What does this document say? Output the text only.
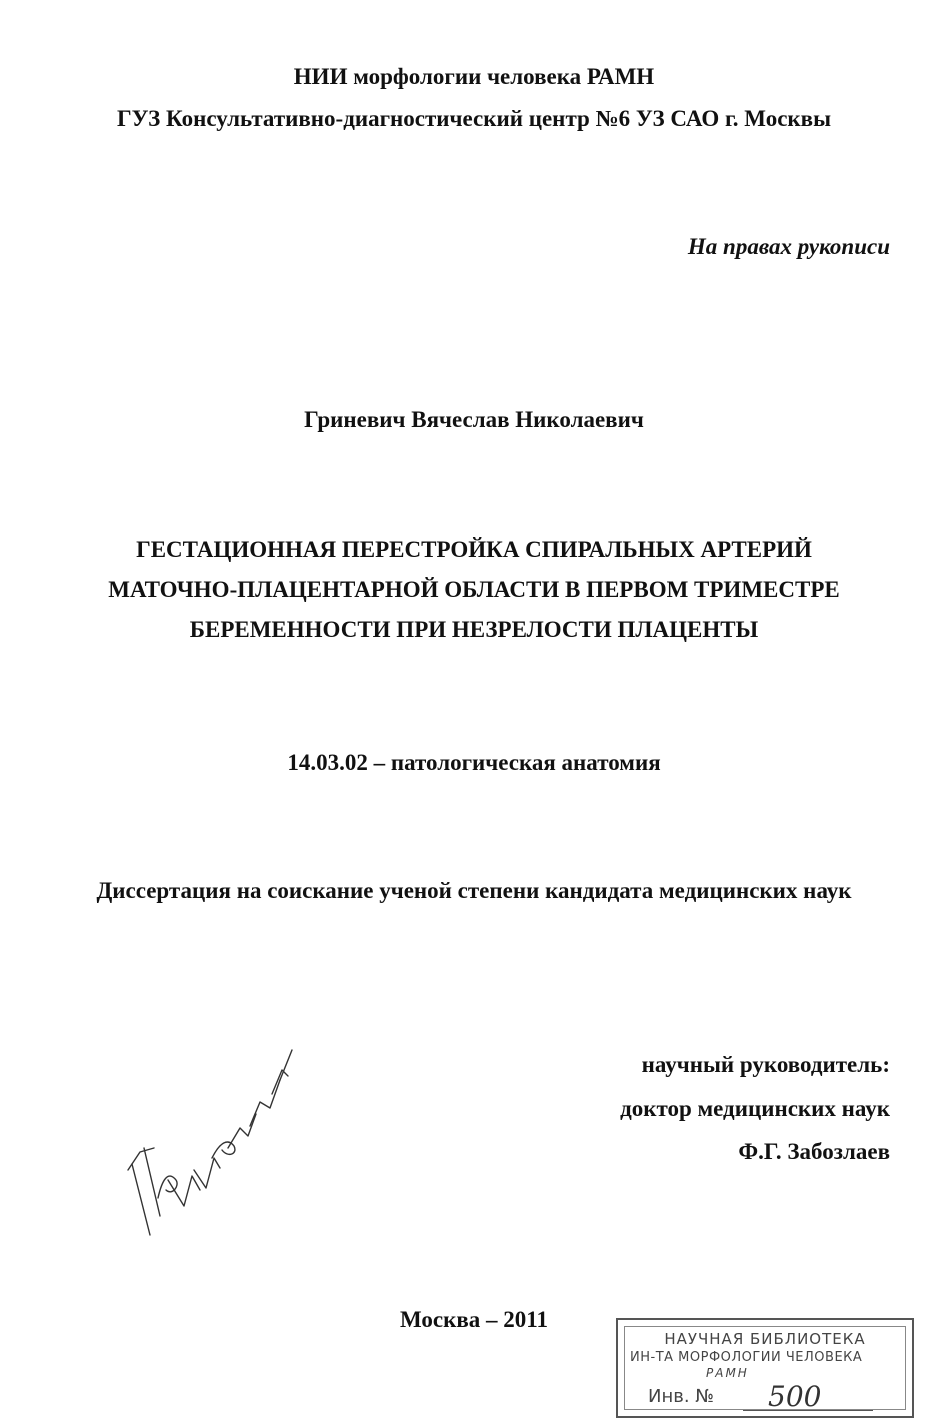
НИИ морфологии человека РАМН
ГУЗ Консультативно-диагностический центр №6 УЗ САО г. Москвы
На правах рукописи
Гриневич Вячеслав Николаевич
ГЕСТАЦИОННАЯ ПЕРЕСТРОЙКА СПИРАЛЬНЫХ АРТЕРИЙ
МАТОЧНО-ПЛАЦЕНТАРНОЙ ОБЛАСТИ В ПЕРВОМ ТРИМЕСТРЕ
БЕРЕМЕННОСТИ ПРИ НЕЗРЕЛОСТИ ПЛАЦЕНТЫ
14.03.02 – патологическая анатомия
Диссертация на соискание ученой степени кандидата медицинских наук
научный руководитель:
доктор медицинских наук
Ф.Г. Забозлаев
Москва – 2011
НАУЧНАЯ БИБЛИОТЕКА
ИН-ТА МОРФОЛОГИИ ЧЕЛОВЕКА
РАМН
Инв. № 500
